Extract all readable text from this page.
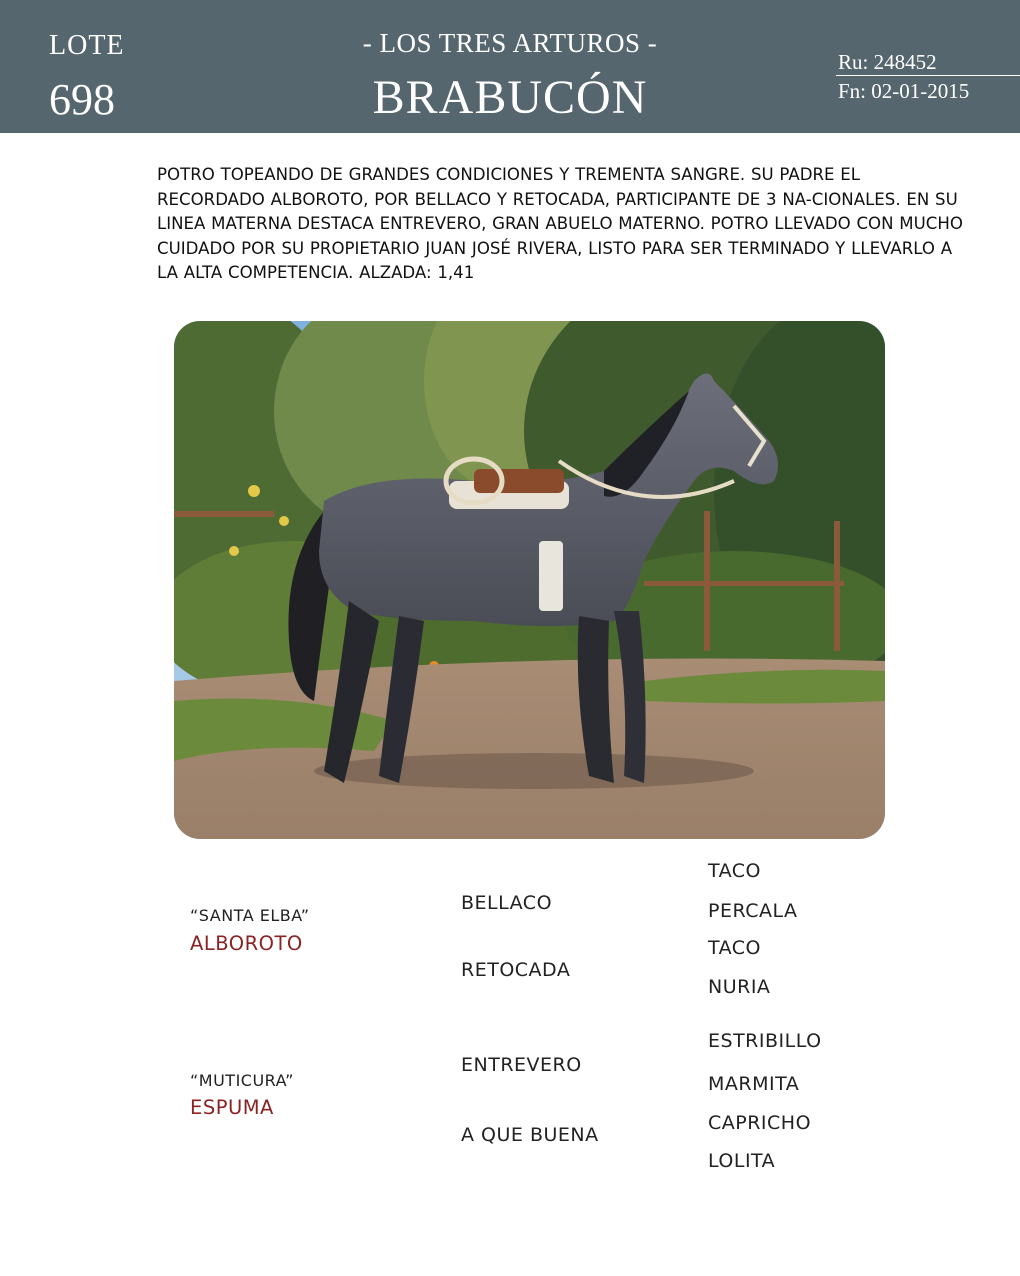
LOTE
698
- LOS TRES ARTUROS -
BRABUCÓN
Ru: 248452
Fn: 02-01-2015
POTRO TOPEANDO DE GRANDES CONDICIONES Y TREMENTA SANGRE. SU PADRE EL RECORDADO ALBOROTO, POR BELLACO Y RETOCADA, PARTICIPANTE DE 3 NA-CIONALES. EN SU LINEA MATERNA DESTACA ENTREVERO, GRAN ABUELO MATERNO. POTRO LLEVADO CON MUCHO CUIDADO POR SU PROPIETARIO JUAN JOSÉ RIVERA, LISTO PARA SER TERMINADO Y LLEVARLO A LA ALTA COMPETENCIA. ALZADA: 1,41
“SANTA ELBA”
ALBOROTO
“MUTICURA”
ESPUMA
BELLACO
RETOCADA
ENTREVERO
A QUE BUENA
TACO
PERCALA
TACO
NURIA
ESTRIBILLO
MARMITA
CAPRICHO
LOLITA
